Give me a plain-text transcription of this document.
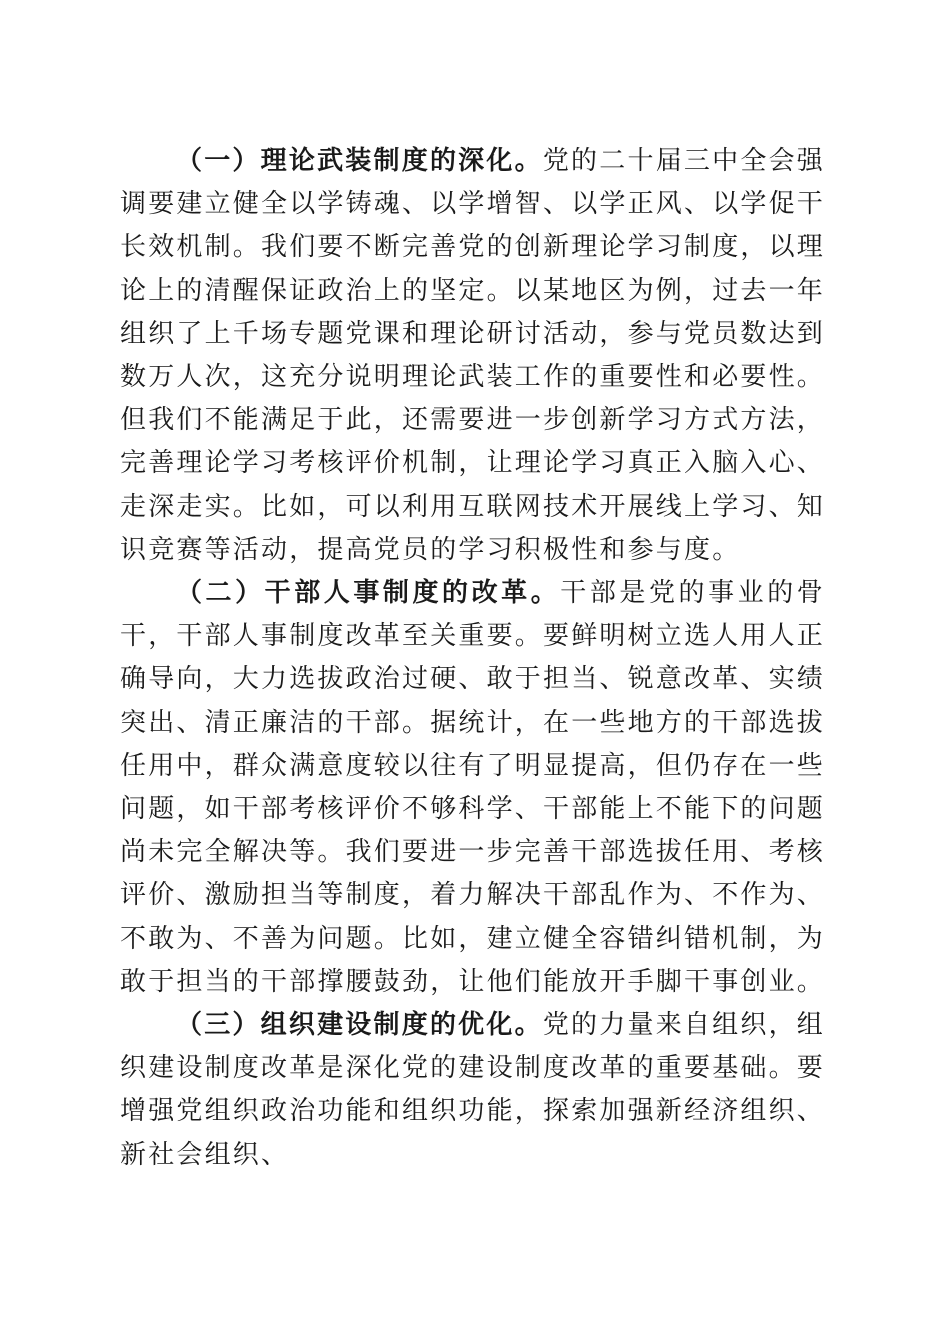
（一）理论武装制度的深化。党的二十届三中全会强调要建立健全以学铸魂、以学增智、以学正风、以学促干长效机制。我们要不断完善党的创新理论学习制度，以理论上的清醒保证政治上的坚定。以某地区为例，过去一年组织了上千场专题党课和理论研讨活动，参与党员数达到数万人次，这充分说明理论武装工作的重要性和必要性。但我们不能满足于此，还需要进一步创新学习方式方法，完善理论学习考核评价机制，让理论学习真正入脑入心、走深走实。比如，可以利用互联网技术开展线上学习、知识竞赛等活动，提高党员的学习积极性和参与度。

（二）干部人事制度的改革。干部是党的事业的骨干，干部人事制度改革至关重要。要鲜明树立选人用人正确导向，大力选拔政治过硬、敢于担当、锐意改革、实绩突出、清正廉洁的干部。据统计，在一些地方的干部选拔任用中，群众满意度较以往有了明显提高，但仍存在一些问题，如干部考核评价不够科学、干部能上不能下的问题尚未完全解决等。我们要进一步完善干部选拔任用、考核评价、激励担当等制度，着力解决干部乱作为、不作为、不敢为、不善为问题。比如，建立健全容错纠错机制，为敢于担当的干部撑腰鼓劲，让他们能放开手脚干事创业。

（三）组织建设制度的优化。党的力量来自组织，组织建设制度改革是深化党的建设制度改革的重要基础。要增强党组织政治功能和组织功能，探索加强新经济组织、新社会组织、
